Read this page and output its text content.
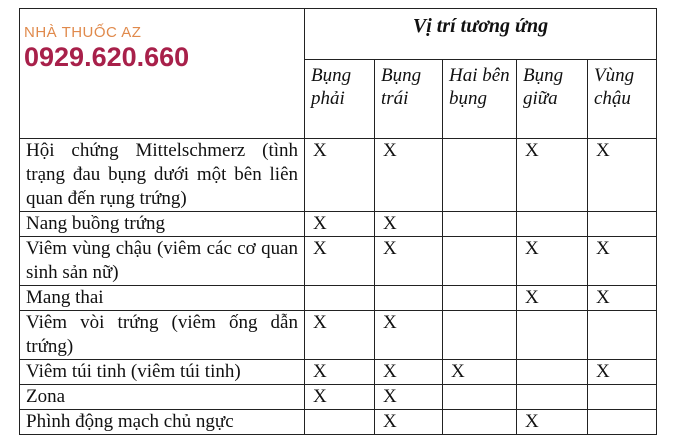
	Vị trí tương ứng				
	Bụng phải	Bụng trái	Hai bên bụng	Bụng giữa	Vùng chậu
Hội chứng Mittelschmerz (tình trạng đau bụng dưới một bên liên quan đến rụng trứng)	X	X		X	X
Nang buồng trứng	X	X			
Viêm vùng chậu (viêm các cơ quan sinh sản nữ)	X	X		X	X
Mang thai				X	X
Viêm vòi trứng (viêm ống dẫn trứng)	X	X			
Viêm túi tinh (viêm túi tinh)	X	X	X		X
Zona	X	X			
Phình động mạch chủ ngực		X		X	
NHÀ THUỐC AZ
0929.620.660
